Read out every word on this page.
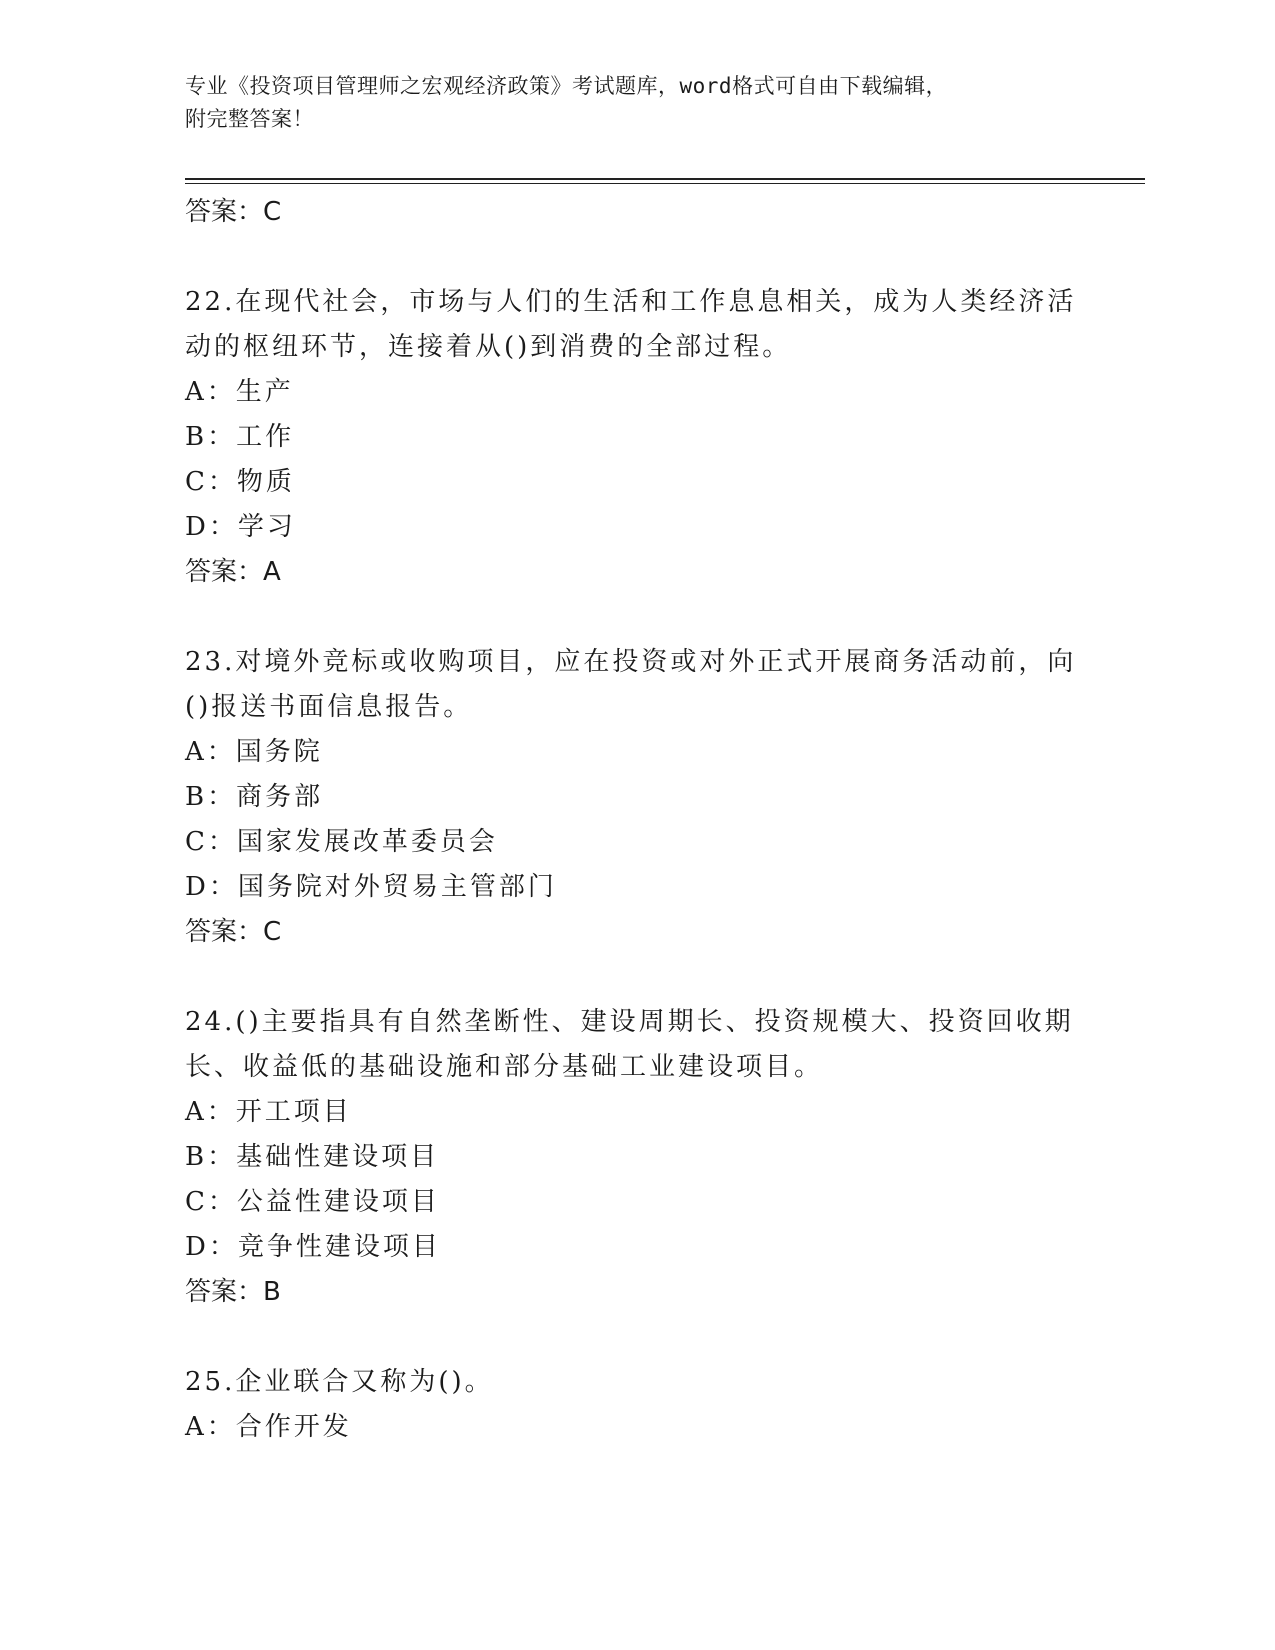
专业《投资项目管理师之宏观经济政策》考试题库，word格式可自由下载编辑，
附完整答案！
答案：C
22.在现代社会，市场与人们的生活和工作息息相关，成为人类经济活动的枢纽环节，连接着从()到消费的全部过程。
A：生产
B：工作
C：物质
D：学习
答案：A
23.对境外竞标或收购项目，应在投资或对外正式开展商务活动前，向()报送书面信息报告。
A：国务院
B：商务部
C：国家发展改革委员会
D：国务院对外贸易主管部门
答案：C
24.()主要指具有自然垄断性、建设周期长、投资规模大、投资回收期长、收益低的基础设施和部分基础工业建设项目。
A：开工项目
B：基础性建设项目
C：公益性建设项目
D：竞争性建设项目
答案：B
25.企业联合又称为()。
A：合作开发
